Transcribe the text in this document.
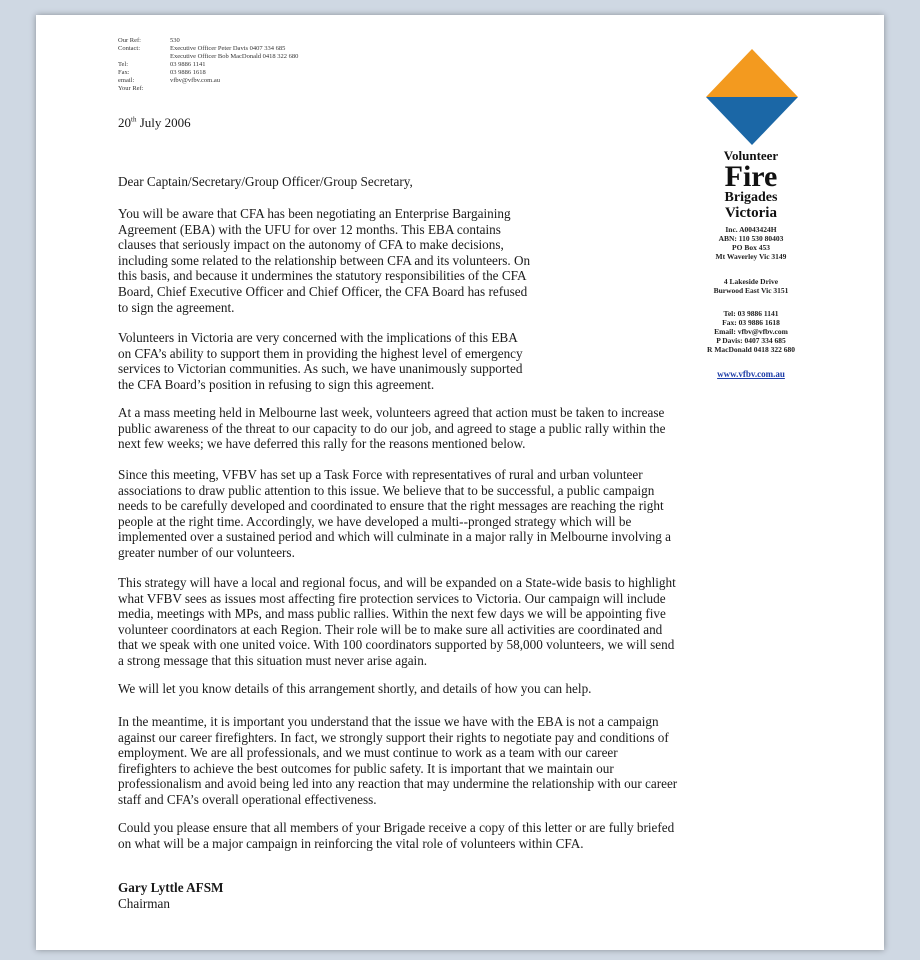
Our Ref:	530
Contact:	Executive Officer Peter Davis 0407 334 685
Executive Officer Bob MacDonald 0418 322 680
Tel:	03 9886 1141
Fax:	03 9886 1618
email:	vfbv@vfbv.com.au
Your Ref:
20th July 2006
Dear Captain/Secretary/Group Officer/Group Secretary,
You will be aware that CFA has been negotiating an Enterprise Bargaining
Agreement (EBA) with the UFU for over 12 months. This EBA contains
clauses that seriously impact on the autonomy of CFA to make decisions,
including some related to the relationship between CFA and its volunteers. On
this basis, and because it undermines the statutory responsibilities of the CFA
Board, Chief Executive Officer and Chief Officer, the CFA Board has refused
to sign the agreement.
Volunteers in Victoria are very concerned with the implications of this EBA
on CFA’s ability to support them in providing the highest level of emergency
services to Victorian communities. As such, we have unanimously supported
the CFA Board’s position in refusing to sign this agreement.
At a mass meeting held in Melbourne last week, volunteers agreed that action must be taken to increase
public awareness of the threat to our capacity to do our job, and agreed to stage a public rally within the
next few weeks; we have deferred this rally for the reasons mentioned below.
Since this meeting, VFBV has set up a Task Force with representatives of rural and urban volunteer
associations to draw public attention to this issue. We believe that to be successful, a public campaign
needs to be carefully developed and coordinated to ensure that the right messages are reaching the right
people at the right time. Accordingly, we have developed a multi--pronged strategy which will be
implemented over a sustained period and which will culminate in a major rally in Melbourne involving a
greater number of our volunteers.
This strategy will have a local and regional focus, and will be expanded on a State-wide basis to highlight
what VFBV sees as issues most affecting fire protection services to Victoria. Our campaign will include
media, meetings with MPs, and mass public rallies. Within the next few days we will be appointing five
volunteer coordinators at each Region. Their role will be to make sure all activities are coordinated and
that we speak with one united voice. With 100 coordinators supported by 58,000 volunteers, we will send
a strong message that this situation must never arise again.
We will let you know details of this arrangement shortly, and details of how you can help.
In the meantime, it is important you understand that the issue we have with the EBA is not a campaign
against our career firefighters. In fact, we strongly support their rights to negotiate pay and conditions of
employment. We are all professionals, and we must continue to work as a team with our career
firefighters to achieve the best outcomes for public safety. It is important that we maintain our
professionalism and avoid being led into any reaction that may undermine the relationship with our career
staff and CFA’s overall operational effectiveness.
Could you please ensure that all members of your Brigade receive a copy of this letter or are fully briefed
on what will be a major campaign in reinforcing the vital role of volunteers within CFA.
Gary Lyttle AFSM
Chairman
Volunteer
Fire
Brigades
Victoria
Inc. A0043424H
ABN: 110 530 80403
PO Box 453
Mt Waverley Vic 3149
4 Lakeside Drive
Burwood East Vic 3151
Tel: 03 9886 1141
Fax: 03 9886 1618
Email: vfbv@vfbv.com
P Davis: 0407 334 685
R MacDonald 0418 322 680
www.vfbv.com.au
